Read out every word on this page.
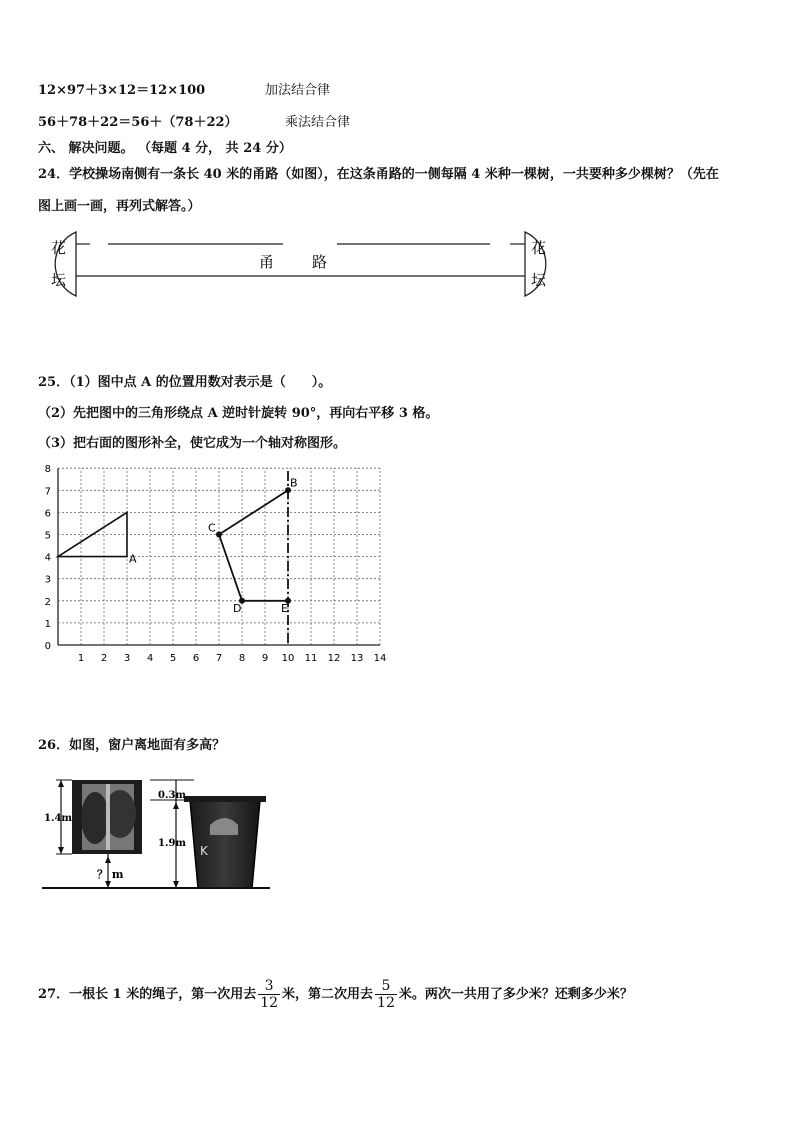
12×97＋3×12＝12×100	加法结合律
56＋78＋22＝56＋（78＋22）	乘法结合律
六、 解决问题。 （每题 4 分， 共 24 分）
24．学校操场南侧有一条长 40 米的甬路（如图），在这条甬路的一侧每隔 4 米种一棵树，一共要种多少棵树？（先在
图上画一画，再列式解答。）
花
坛
花
坛
甬	路
25．（1）图中点 A 的位置用数对表示是（　　）。
（2）先把图中的三角形绕点 A 逆时针旋转 90°，再向右平移 3 格。
（3）把右面的图形补全，使它成为一个轴对称图形。
1 2 3 4 5 6 7 8 9 10 11 12 13 14
0
1
2
3
4
5
6
7
8
A
B
C
D	E
26．如图，窗户离地面有多高？
K
1.4m
？ m
0.3m
1.9m
27．一根长 1 米的绳子，第一次用去 $\frac{3}{12}$ 米，第二次用去 $\frac{5}{12}$ 米。两次一共用了多少米？还剩多少米？
